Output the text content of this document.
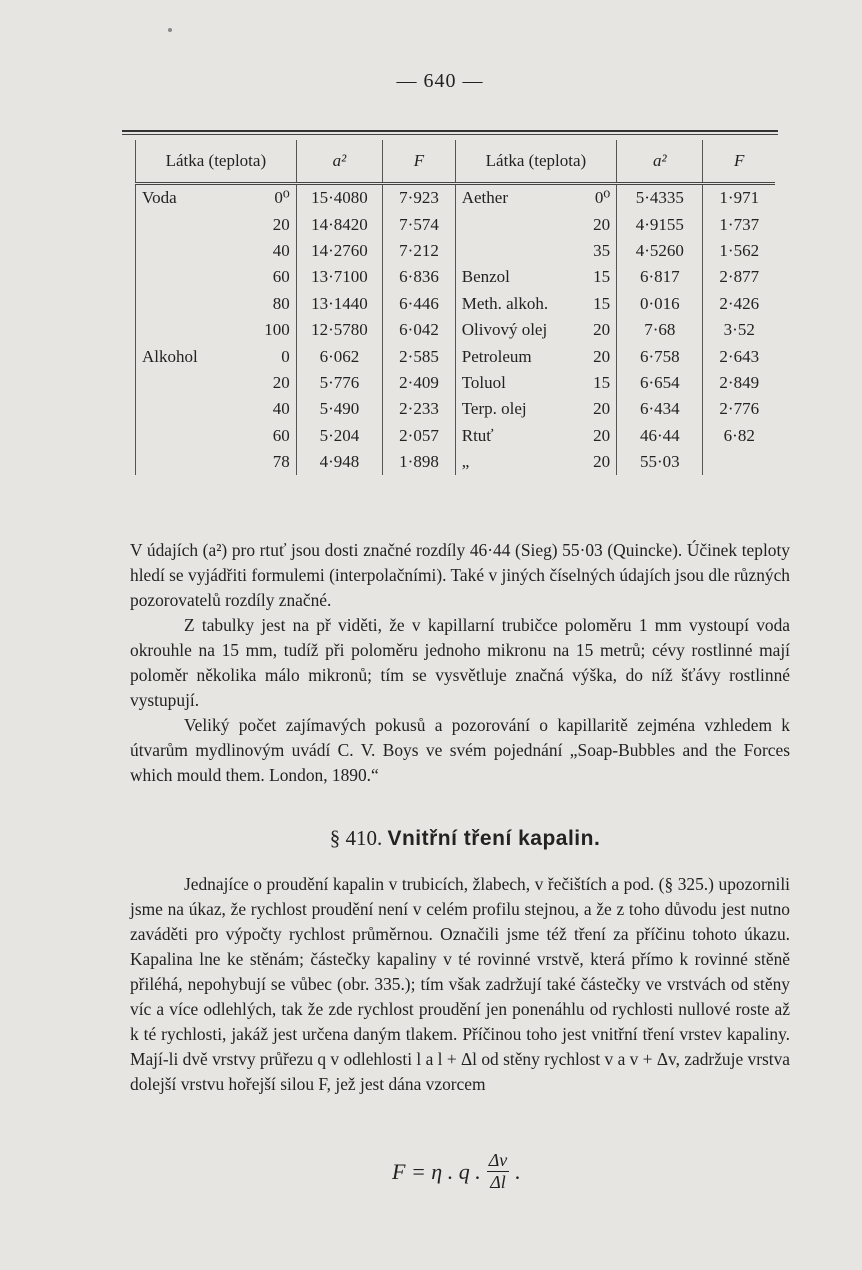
— 640 —
Látka (teplota)	a²	F	Látka (teplota)	a²	F

Voda 0⁰	15·4080	7·923	Aether 0⁰	5·4335	1·971

20	14·8420	7·574	20	4·9155	1·737

40	14·2760	7·212	35	4·5260	1·562

60	13·7100	6·836	Benzol 15	6·817	2·877

80	13·1440	6·446	Meth. alkoh. 15	0·016	2·426

100	12·5780	6·042	Olivový olej 20	7·68	3·52

Alkohol 0	6·062	2·585	Petroleum 20	6·758	2·643

20	5·776	2·409	Toluol 15	6·654	2·849

40	5·490	2·233	Terp. olej 20	6·434	2·776

60	5·204	2·057	Rtuť 20	46·44	6·82

78	4·948	1·898	„ 20	55·03	

V údajích (a²) pro rtuť jsou dosti značné rozdíly 46·44 (Sieg) 55·03 (Quincke). Účinek teploty hledí se vyjádřiti formulemi (interpolačními). Také v jiných číselných údajích jsou dle různých pozorovatelů rozdíly značné.

Z tabulky jest na př viděti, že v kapillarní trubičce poloměru 1 mm vystoupí voda okrouhle na 15 mm, tudíž při poloměru jednoho mikronu na 15 metrů; cévy rostlinné mají poloměr několika málo mikronů; tím se vysvětluje značná výška, do níž šťávy rostlinné vystupují.

Veliký počet zajímavých pokusů a pozorování o kapillaritě zejména vzhledem k útvarům mydlinovým uvádí C. V. Boys ve svém pojednání „Soap-Bubbles and the Forces which mould them. London, 1890.“

§ 410. Vnitřní tření kapalin.

Jednajíce o proudění kapalin v trubicích, žlabech, v řečištích a pod. (§ 325.) upozornili jsme na úkaz, že rychlost proudění není v celém profilu stejnou, a že z toho důvodu jest nutno zaváděti pro výpočty rychlost průměrnou. Označili jsme též tření za příčinu tohoto úkazu. Kapalina lne ke stěnám; částečky kapaliny v té rovinné vrstvě, která přímo k rovinné stěně přiléhá, nepohybují se vůbec (obr. 335.); tím však zadržují také částečky ve vrstvách od stěny víc a více odlehlých, tak že zde rychlost proudění jen ponenáhlu od rychlosti nullové roste až k té rychlosti, jakáž jest určena daným tlakem. Příčinou toho jest vnitřní tření vrstev kapaliny. Mají-li dvě vrstvy průřezu q v odlehlosti l a l + Δl od stěny rychlost v a v + Δv, zadržuje vrstva dolejší vrstvu hořejší silou F, jež jest dána vzorcem

F = η . q . $\frac{\Delta v}{\Delta l}$ .
